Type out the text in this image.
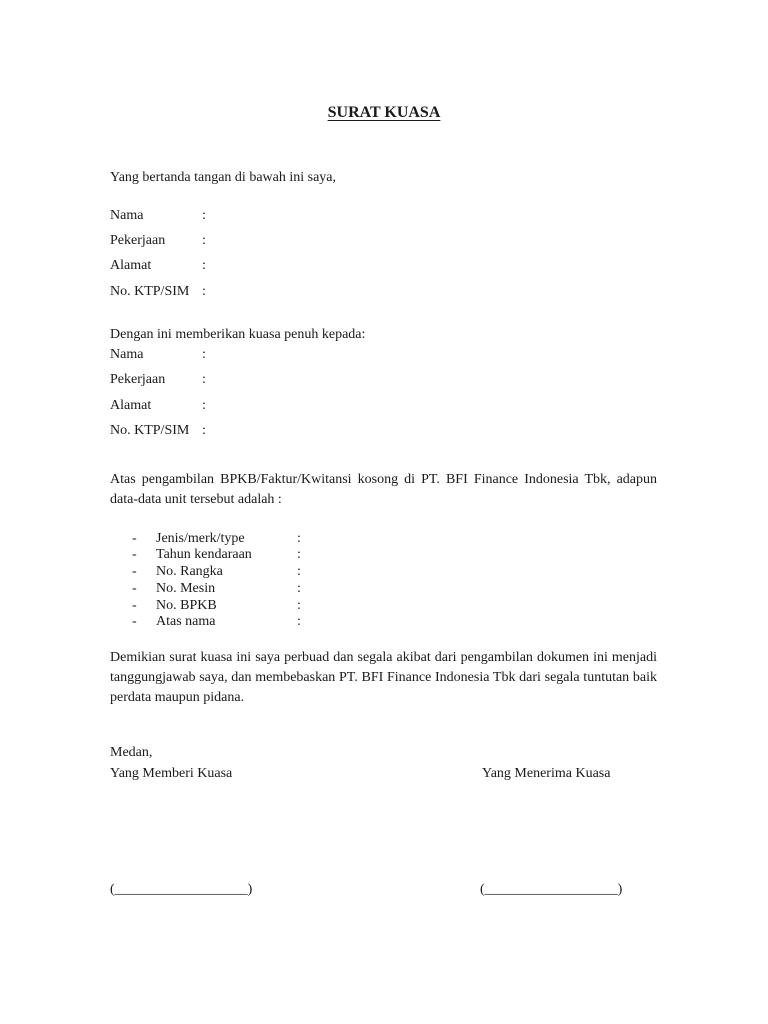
SURAT KUASA
Yang bertanda tangan di bawah ini saya,
Nama	:
Pekerjaan	:
Alamat	:
No. KTP/SIM :
Dengan ini memberikan kuasa penuh kepada:
Nama	:
Pekerjaan	:
Alamat	:
No. KTP/SIM :
Atas pengambilan BPKB/Faktur/Kwitansi kosong di PT. BFI Finance Indonesia Tbk, adapun data-data unit tersebut adalah :
- Jenis/merk/type	:
- Tahun kendaraan	:
- No. Rangka	:
- No. Mesin	:
- No. BPKB	:
- Atas nama	:
Demikian surat kuasa ini saya perbuad dan segala akibat dari pengambilan dokumen ini menjadi tanggungjawab saya, dan membebaskan PT. BFI Finance Indonesia Tbk dari segala tuntutan baik perdata maupun pidana.
Medan,
Yang Memberi Kuasa	Yang Menerima Kuasa
(___________________)	(___________________)
